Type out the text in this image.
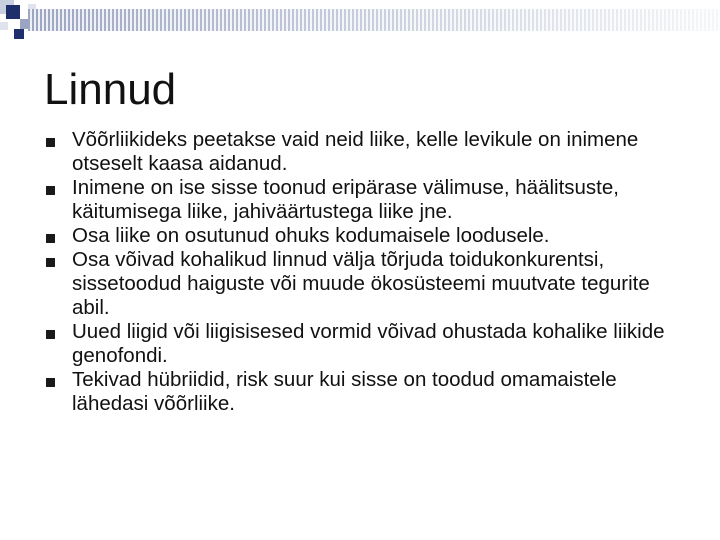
Linnud
Võõrliikideks peetakse vaid neid liike, kelle levikule on inimene otseselt kaasa aidanud.
Inimene on ise sisse toonud eripärase välimuse, häälitsuste, käitumisega liike, jahiväärtustega liike jne.
Osa liike on osutunud ohuks kodumaisele loodusele.
Osa võivad kohalikud linnud välja tõrjuda toidukonkurentsi, sissetoodud haiguste või muude ökosüsteemi muutvate tegurite abil.
Uued liigid või liigisisesed vormid võivad ohustada kohalike liikide genofondi.
Tekivad hübriidid, risk suur kui sisse on toodud omamaistele lähedasi võõrliike.
